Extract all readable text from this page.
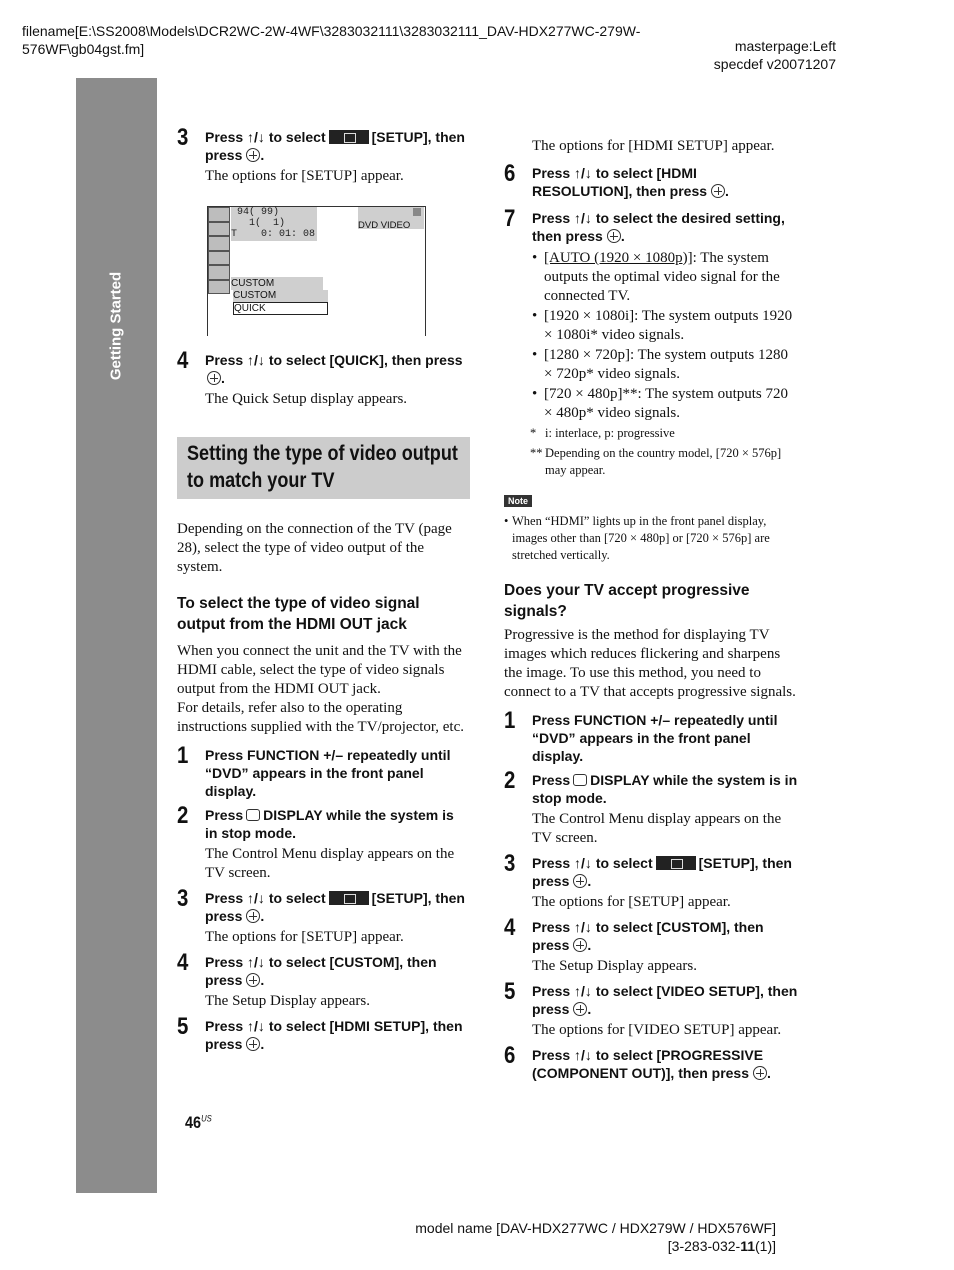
filename[E:\SS2008\Models\DCR2WC-2W-4WF\3283032111\3283032111_DAV-HDX277WC-279W-576WF\gb04gst.fm]	masterpage:Left
specdef v20071207
Getting Started
3 Press ↑/↓ to select	[SETUP], then press .
The options for [SETUP] appear.
94( 99)
1(  1)
T    0: 01: 08
DVD VIDEO
CUSTOM
CUSTOM
QUICK
4 Press ↑/↓ to select [QUICK], then press
.
The Quick Setup display appears.
Setting the type of video output to match your TV

Depending on the connection of the TV (page 28), select the type of video output of the system.

To select the type of video signal output from the HDMI OUT jack

When you connect the unit and the TV with the HDMI cable, select the type of video signals output from the HDMI OUT jack.

For details, refer also to the operating instructions supplied with the TV/projector, etc.

1 Press FUNCTION +/– repeatedly until “DVD” appears in the front panel display.
2 Press DISPLAY while the system is in stop mode.
The Control Menu display appears on the TV screen.
3 Press ↑/↓ to select	[SETUP], then press .
The options for [SETUP] appear.
4 Press ↑/↓ to select [CUSTOM], then press .
The Setup Display appears.
5 Press ↑/↓ to select [HDMI SETUP], then press .
The options for [HDMI SETUP] appear.
6 Press ↑/↓ to select [HDMI RESOLUTION], then press .
7 Press ↑/↓ to select the desired setting, then press .
• [AUTO (1920 × 1080p)]: The system outputs the optimal video signal for the connected TV.
• [1920 × 1080i]: The system outputs 1920 × 1080i* video signals.
• [1280 × 720p]: The system outputs 1280 × 720p* video signals.
• [720 × 480p]**: The system outputs 720 × 480p* video signals.
* i: interlace, p: progressive
** Depending on the country model, [720 × 576p] may appear.
Note
• When “HDMI” lights up in the front panel display, images other than [720 × 480p] or [720 × 576p] are stretched vertically.
Does your TV accept progressive signals?

Progressive is the method for displaying TV images which reduces flickering and sharpens the image. To use this method, you need to connect to a TV that accepts progressive signals.

1 Press FUNCTION +/– repeatedly until “DVD” appears in the front panel display.
2 Press DISPLAY while the system is in stop mode.
The Control Menu display appears on the TV screen.
3 Press ↑/↓ to select	[SETUP], then press .
The options for [SETUP] appear.
4 Press ↑/↓ to select [CUSTOM], then press .
The Setup Display appears.
5 Press ↑/↓ to select [VIDEO SETUP], then press .
The options for [VIDEO SETUP] appear.
6 Press ↑/↓ to select [PROGRESSIVE (COMPONENT OUT)], then press .
$46^{US}$
model name [DAV-HDX277WC / HDX279W / HDX576WF]
[3-283-032-11(1)]
